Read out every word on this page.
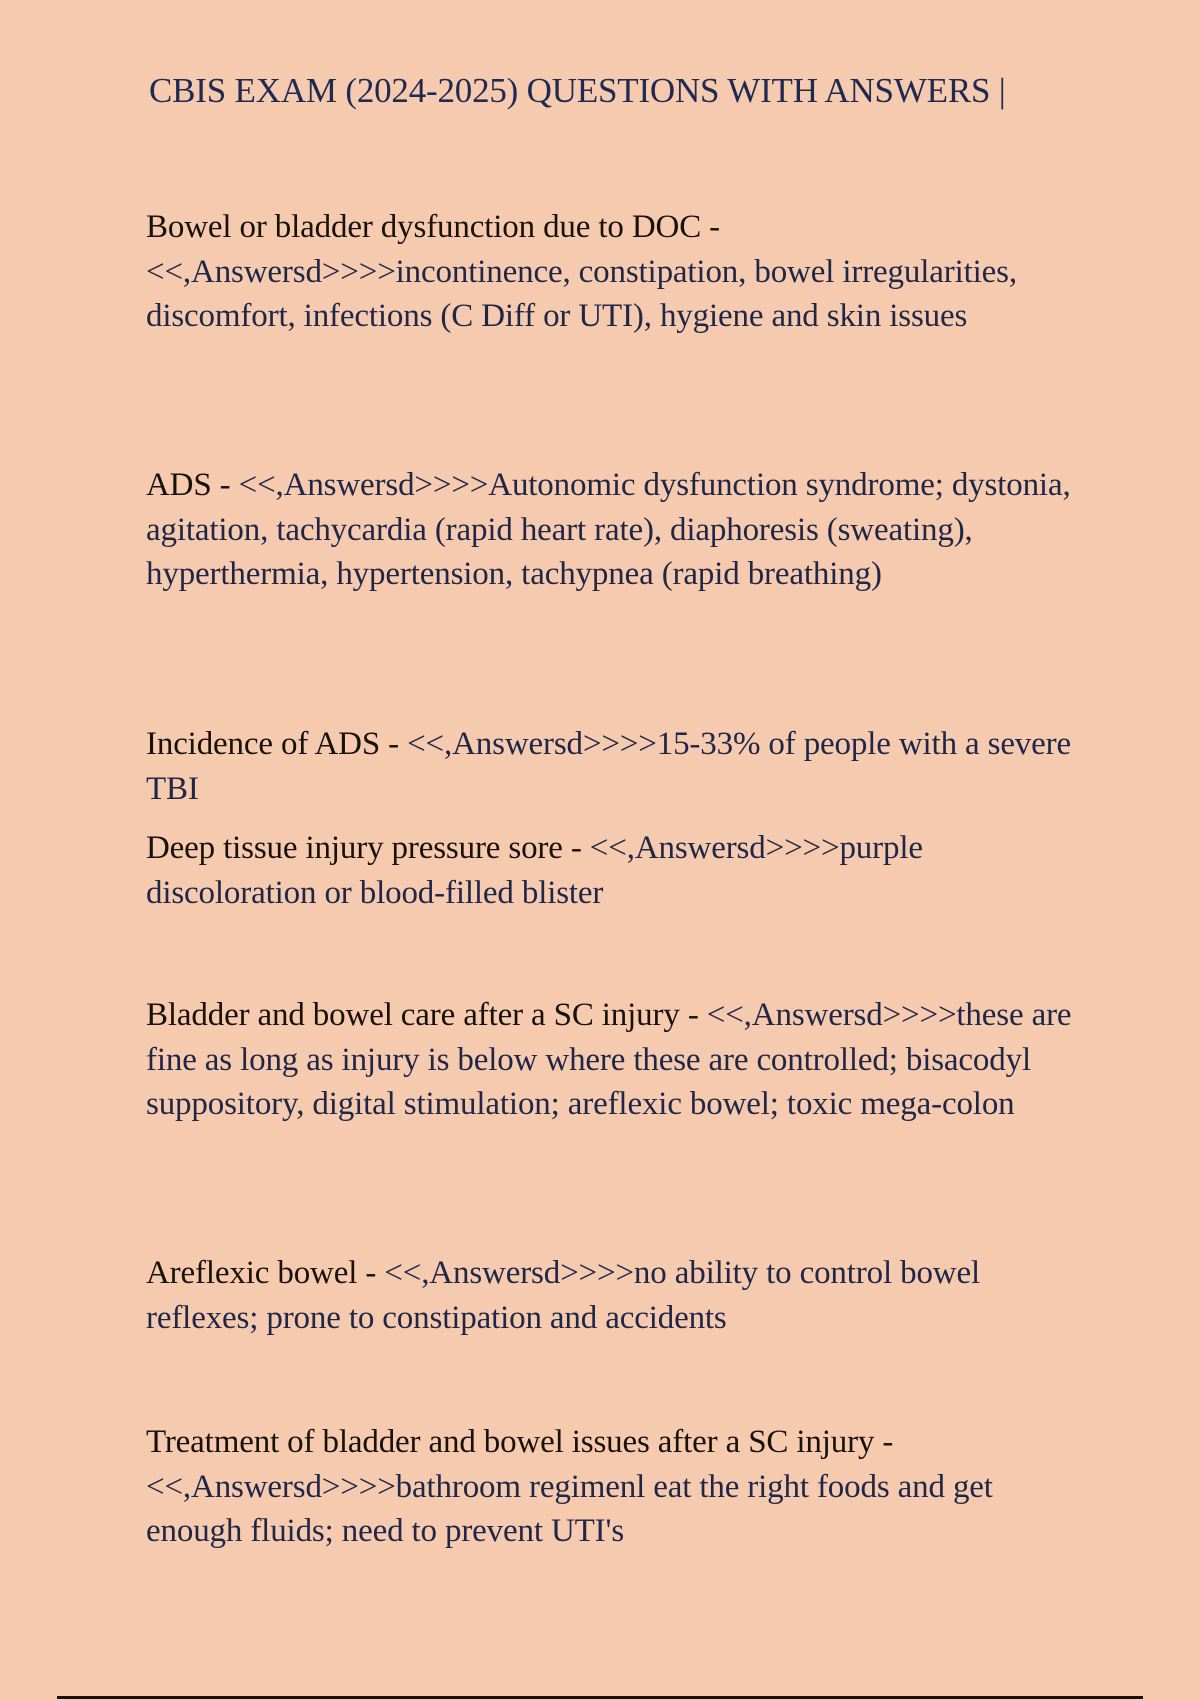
CBIS EXAM (2024-2025) QUESTIONS WITH ANSWERS |
Bowel or bladder dysfunction due to DOC - <<,Answersd>>>>incontinence, constipation, bowel irregularities, discomfort, infections (C Diff or UTI), hygiene and skin issues
ADS - <<,Answersd>>>>Autonomic dysfunction syndrome; dystonia, agitation, tachycardia (rapid heart rate), diaphoresis (sweating), hyperthermia, hypertension, tachypnea (rapid breathing)
Incidence of ADS - <<,Answersd>>>>15-33% of people with a severe TBI
Deep tissue injury pressure sore - <<,Answersd>>>>purple discoloration or blood-filled blister
Bladder and bowel care after a SC injury - <<,Answersd>>>>these are fine as long as injury is below where these are controlled; bisacodyl suppository, digital stimulation; areflexic bowel; toxic mega-colon
Areflexic bowel - <<,Answersd>>>>no ability to control bowel reflexes; prone to constipation and accidents
Treatment of bladder and bowel issues after a SC injury - <<,Answersd>>>>bathroom regimenl eat the right foods and get enough fluids; need to prevent UTI's
